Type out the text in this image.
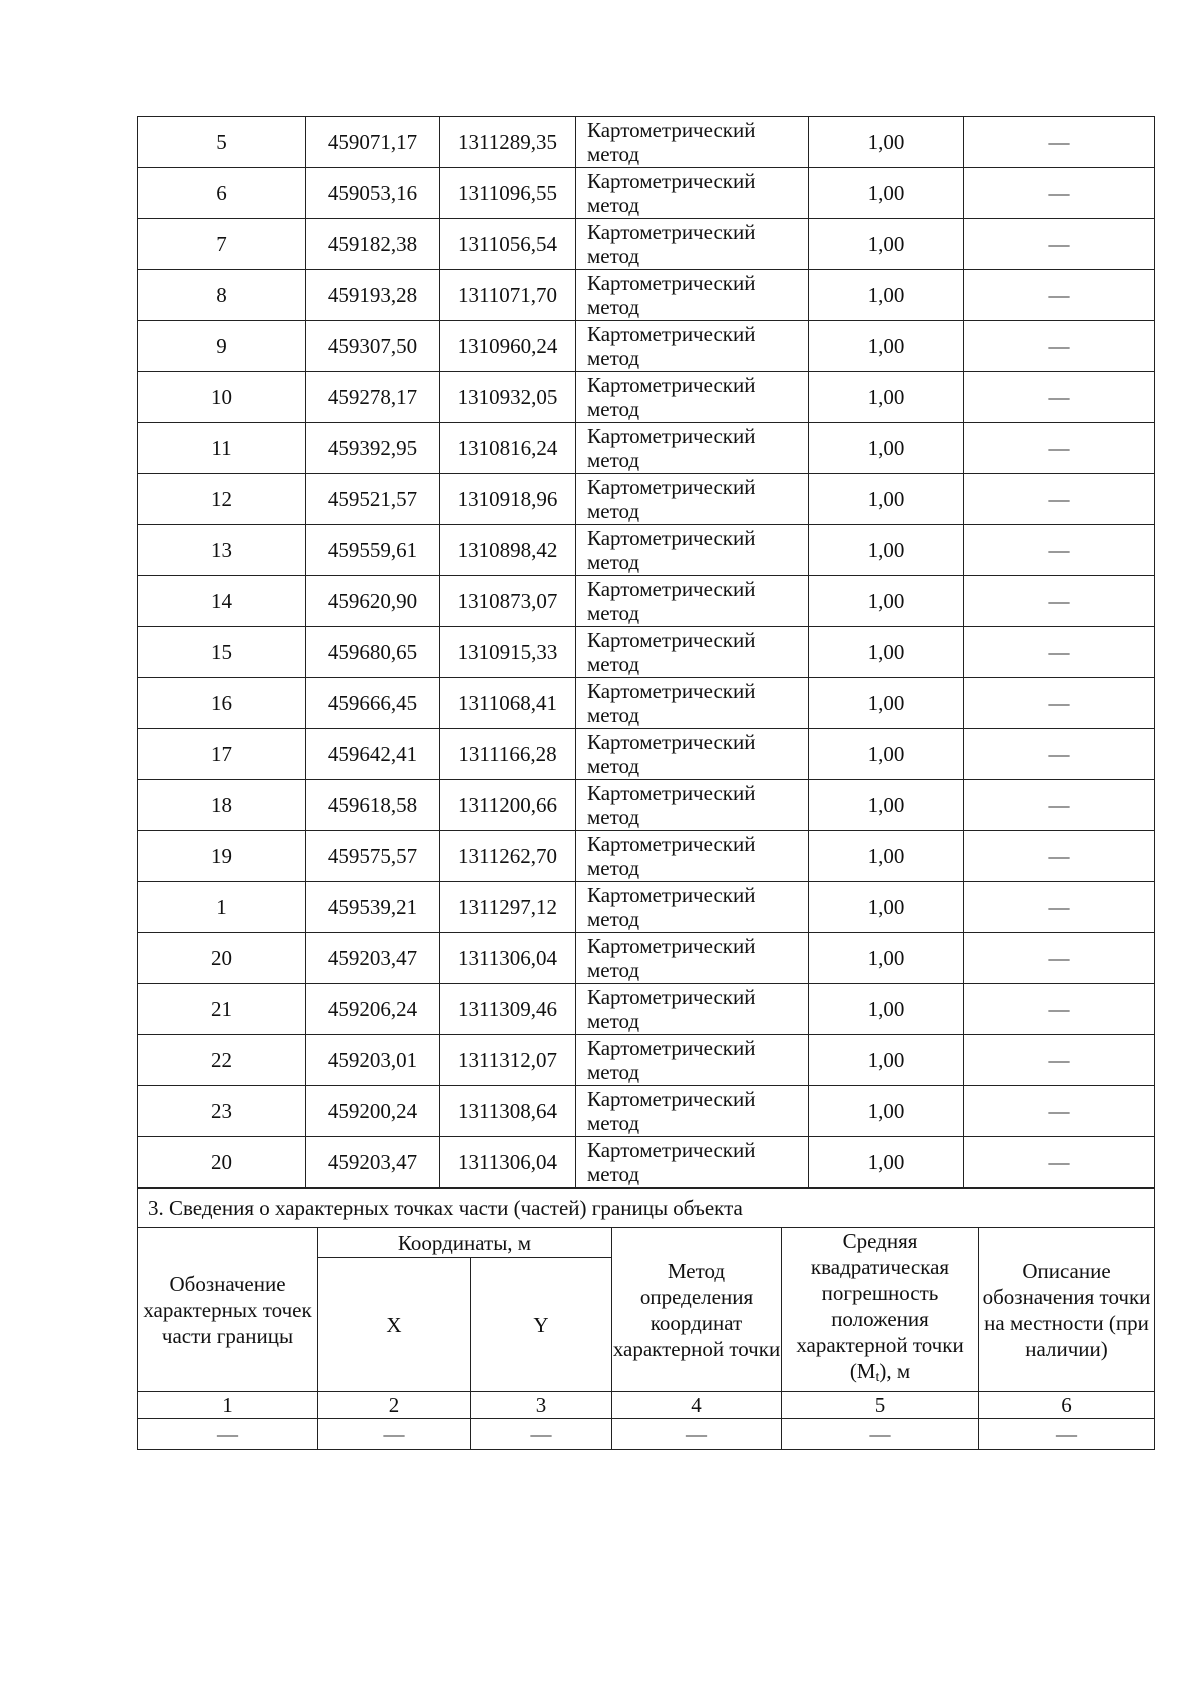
5	459071,17	1311289,35	Картометрический метод	1,00	—
6	459053,16	1311096,55	Картометрический метод	1,00	—
7	459182,38	1311056,54	Картометрический метод	1,00	—
8	459193,28	1311071,70	Картометрический метод	1,00	—
9	459307,50	1310960,24	Картометрический метод	1,00	—
10	459278,17	1310932,05	Картометрический метод	1,00	—
11	459392,95	1310816,24	Картометрический метод	1,00	—
12	459521,57	1310918,96	Картометрический метод	1,00	—
13	459559,61	1310898,42	Картометрический метод	1,00	—
14	459620,90	1310873,07	Картометрический метод	1,00	—
15	459680,65	1310915,33	Картометрический метод	1,00	—
16	459666,45	1311068,41	Картометрический метод	1,00	—
17	459642,41	1311166,28	Картометрический метод	1,00	—
18	459618,58	1311200,66	Картометрический метод	1,00	—
19	459575,57	1311262,70	Картометрический метод	1,00	—
1	459539,21	1311297,12	Картометрический метод	1,00	—
20	459203,47	1311306,04	Картометрический метод	1,00	—
21	459206,24	1311309,46	Картометрический метод	1,00	—
22	459203,01	1311312,07	Картометрический метод	1,00	—
23	459200,24	1311308,64	Картометрический метод	1,00	—
20	459203,47	1311306,04	Картометрический метод	1,00	—
3. Сведения о характерных точках части (частей) границы объекта					
Обозначение характерных точек части границы	Координаты, м		Метод определения координат характерной точки	Средняя квадратическая погрешность положения характерной точки $(M_t)$, м	Описание обозначения точки на местности (при наличии)
	X	Y			
1	2	3	4	5	6
—	—	—	—	—	—
